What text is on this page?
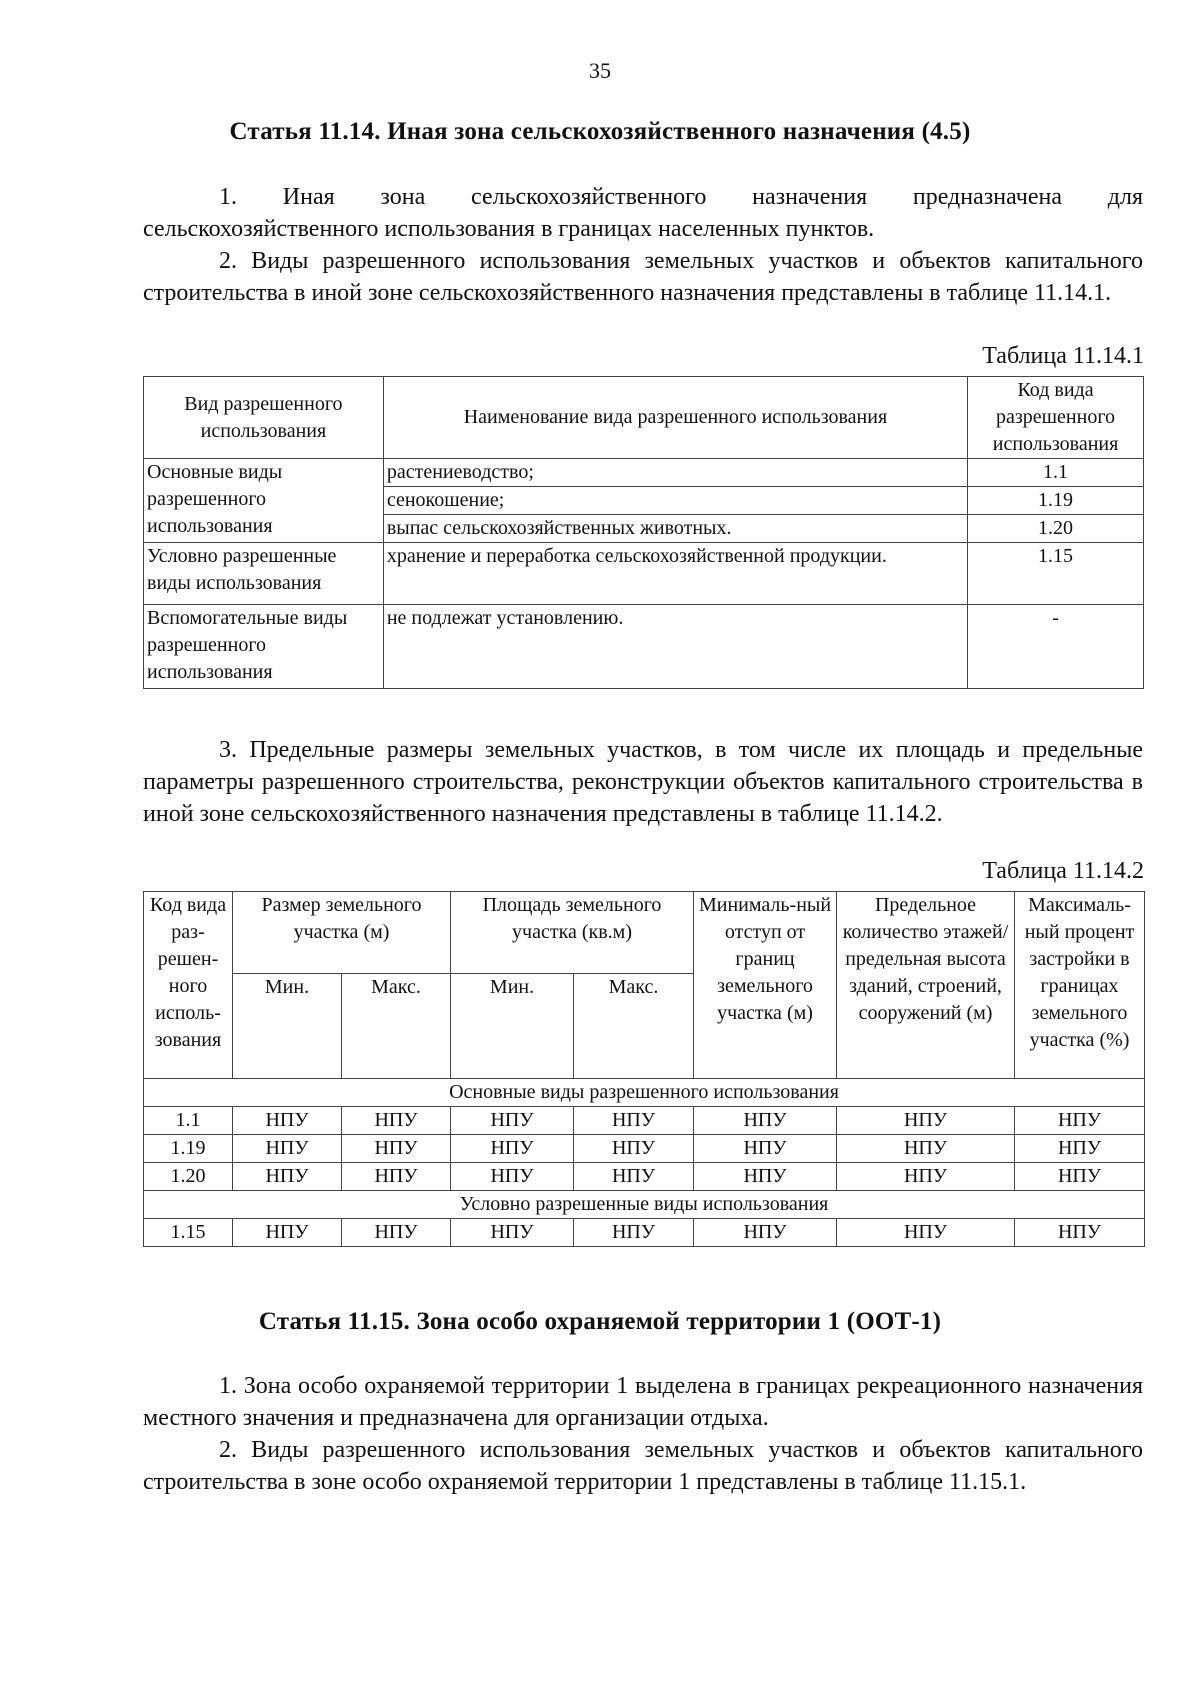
35
Статья 11.14. Иная зона сельскохозяйственного назначения (4.5)

1. Иная зона сельскохозяйственного назначения предназначена для сельскохозяйственного использования в границах населенных пунктов.

2. Виды разрешенного использования земельных участков и объектов капитального строительства в иной зоне сельскохозяйственного назначения представлены в таблице 11.14.1.

Таблица 11.14.1
Вид разрешенного использования	Наименование вида разрешенного использования	Код вида разрешенного использования
Основные виды разрешенного использования	растениеводство;	1.1
	сенокошение;	1.19
	выпас сельскохозяйственных животных.	1.20
Условно разрешенные виды использования	хранение и переработка сельскохозяйственной продукции.	1.15
Вспомогательные виды разрешенного использования	не подлежат установлению.	-

3. Предельные размеры земельных участков, в том числе их площадь и предельные параметры разрешенного строительства, реконструкции объектов капитального строительства в иной зоне сельскохозяйственного назначения представлены в таблице 11.14.2.

Таблица 11.14.2
Код вида раз-решен-ного исполь-зования	Размер земельного участка (м)		Площадь земельного участка (кв.м)		Минималь-ный отступ от границ земельного участка (м)	Предельное количество этажей/ предельная высота зданий, строений, сооружений (м)	Максималь-ный процент застройки в границах земельного участка (%)
	Мин.	Макс.	Мин.	Макс.			
Основные виды разрешенного использования							
1.1	НПУ	НПУ	НПУ	НПУ	НПУ	НПУ	НПУ
1.19	НПУ	НПУ	НПУ	НПУ	НПУ	НПУ	НПУ
1.20	НПУ	НПУ	НПУ	НПУ	НПУ	НПУ	НПУ
Условно разрешенные виды использования							
1.15	НПУ	НПУ	НПУ	НПУ	НПУ	НПУ	НПУ
Статья 11.15. Зона особо охраняемой территории 1 (ООТ-1)

1. Зона особо охраняемой территории 1 выделена в границах рекреационного назначения местного значения и предназначена для организации отдыха.

2. Виды разрешенного использования земельных участков и объектов капитального строительства в зоне особо охраняемой территории 1 представлены в таблице 11.15.1.
